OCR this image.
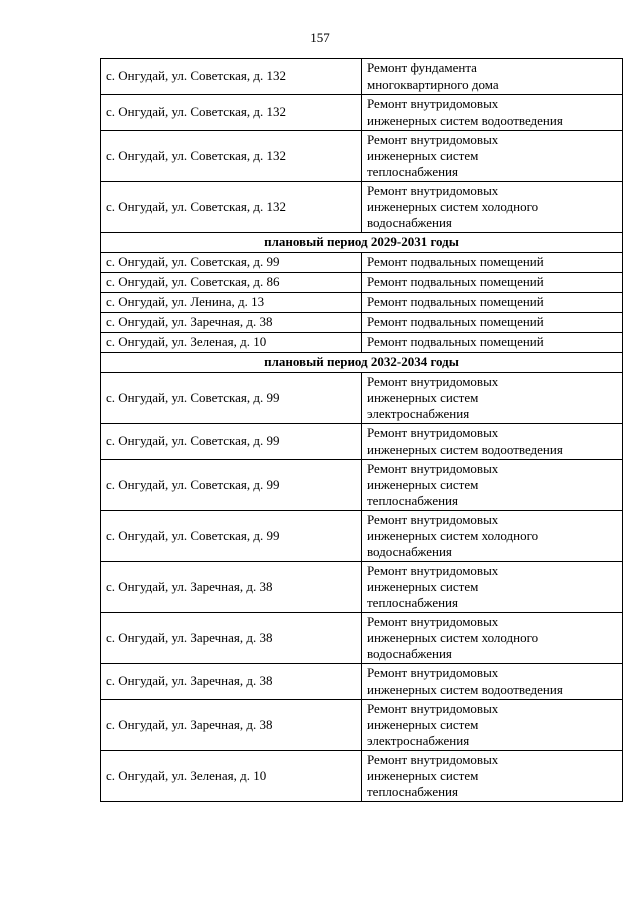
157
с. Онгудай, ул. Советская, д. 132	Ремонт фундамента
многоквартирного дома
с. Онгудай, ул. Советская, д. 132	Ремонт внутридомовых
инженерных систем водоотведения
с. Онгудай, ул. Советская, д. 132	Ремонт внутридомовых
инженерных систем
теплоснабжения
с. Онгудай, ул. Советская, д. 132	Ремонт внутридомовых
инженерных систем холодного
водоснабжения
плановый период 2029-2031 годы	
с. Онгудай, ул. Советская, д. 99	Ремонт подвальных помещений
с. Онгудай, ул. Советская, д. 86	Ремонт подвальных помещений
с. Онгудай, ул. Ленина, д. 13	Ремонт подвальных помещений
с. Онгудай, ул. Заречная, д. 38	Ремонт подвальных помещений
с. Онгудай, ул. Зеленая, д. 10	Ремонт подвальных помещений
плановый период 2032-2034 годы	
с. Онгудай, ул. Советская, д. 99	Ремонт внутридомовых
инженерных систем
электроснабжения
с. Онгудай, ул. Советская, д. 99	Ремонт внутридомовых
инженерных систем водоотведения
с. Онгудай, ул. Советская, д. 99	Ремонт внутридомовых
инженерных систем
теплоснабжения
с. Онгудай, ул. Советская, д. 99	Ремонт внутридомовых
инженерных систем холодного
водоснабжения
с. Онгудай, ул. Заречная, д. 38	Ремонт внутридомовых
инженерных систем
теплоснабжения
с. Онгудай, ул. Заречная, д. 38	Ремонт внутридомовых
инженерных систем холодного
водоснабжения
с. Онгудай, ул. Заречная, д. 38	Ремонт внутридомовых
инженерных систем водоотведения
с. Онгудай, ул. Заречная, д. 38	Ремонт внутридомовых
инженерных систем
электроснабжения
с. Онгудай, ул. Зеленая, д. 10	Ремонт внутридомовых
инженерных систем
теплоснабжения
